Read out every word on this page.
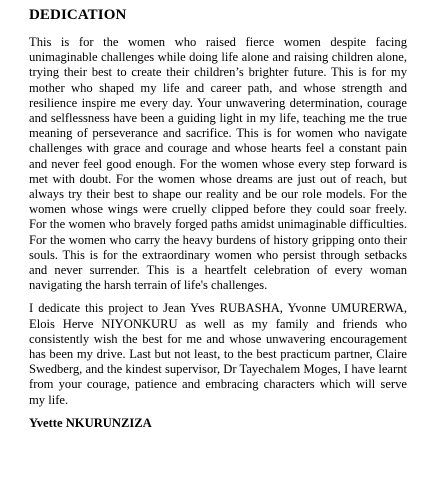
DEDICATION

This is for the women who raised fierce women despite facing unimaginable challenges while doing life alone and raising children alone, trying their best to create their children’s brighter future. This is for my mother who shaped my life and career path, and whose strength and resilience inspire me every day. Your unwavering determination, courage and selflessness have been a guiding light in my life, teaching me the true meaning of perseverance and sacrifice. This is for women who navigate challenges with grace and courage and whose hearts feel a constant pain and never feel good enough. For the women whose every step forward is met with doubt. For the women whose dreams are just out of reach, but always try their best to shape our reality and be our role models. For the women whose wings were cruelly clipped before they could soar freely. For the women who bravely forged paths amidst unimaginable difficulties. For the women who carry the heavy burdens of history gripping onto their souls. This is for the extraordinary women who persist through setbacks and never surrender. This is a heartfelt celebration of every woman navigating the harsh terrain of life's challenges.

I dedicate this project to Jean Yves RUBASHA, Yvonne UMURERWA, Elois Herve NIYONKURU as well as my family and friends who consistently wish the best for me and whose unwavering encouragement has been my drive. Last but not least, to the best practicum partner, Claire Swedberg, and the kindest supervisor, Dr Tayechalem Moges, I have learnt from your courage, patience and embracing characters which will serve my life.

Yvette NKURUNZIZA
